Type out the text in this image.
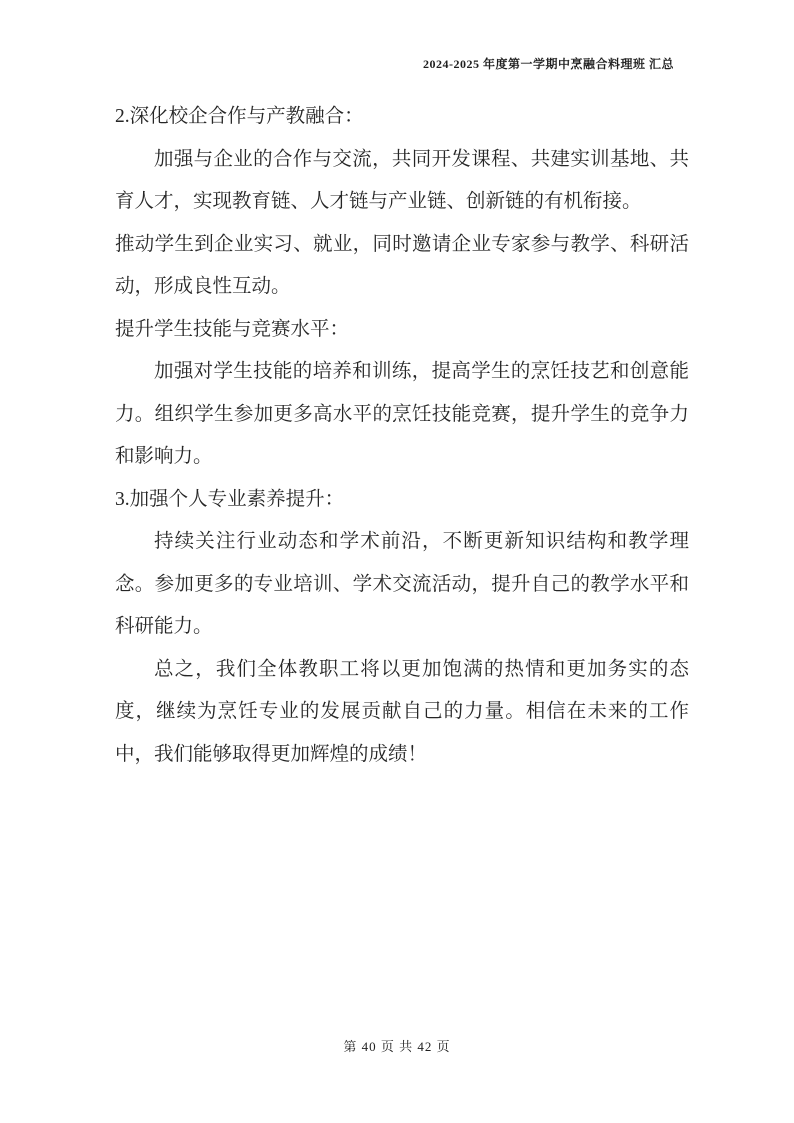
2024-2025 年度第一学期中烹融合料理班 汇总

2.深化校企合作与产教融合：

加强与企业的合作与交流，共同开发课程、共建实训基地、共育人才，实现教育链、人才链与产业链、创新链的有机衔接。

推动学生到企业实习、就业，同时邀请企业专家参与教学、科研活动，形成良性互动。

提升学生技能与竞赛水平：

加强对学生技能的培养和训练，提高学生的烹饪技艺和创意能力。组织学生参加更多高水平的烹饪技能竞赛，提升学生的竞争力和影响力。

3.加强个人专业素养提升：

持续关注行业动态和学术前沿，不断更新知识结构和教学理念。参加更多的专业培训、学术交流活动，提升自己的教学水平和科研能力。

总之，我们全体教职工将以更加饱满的热情和更加务实的态度，继续为烹饪专业的发展贡献自己的力量。相信在未来的工作中，我们能够取得更加辉煌的成绩！

第 40 页 共 42 页
